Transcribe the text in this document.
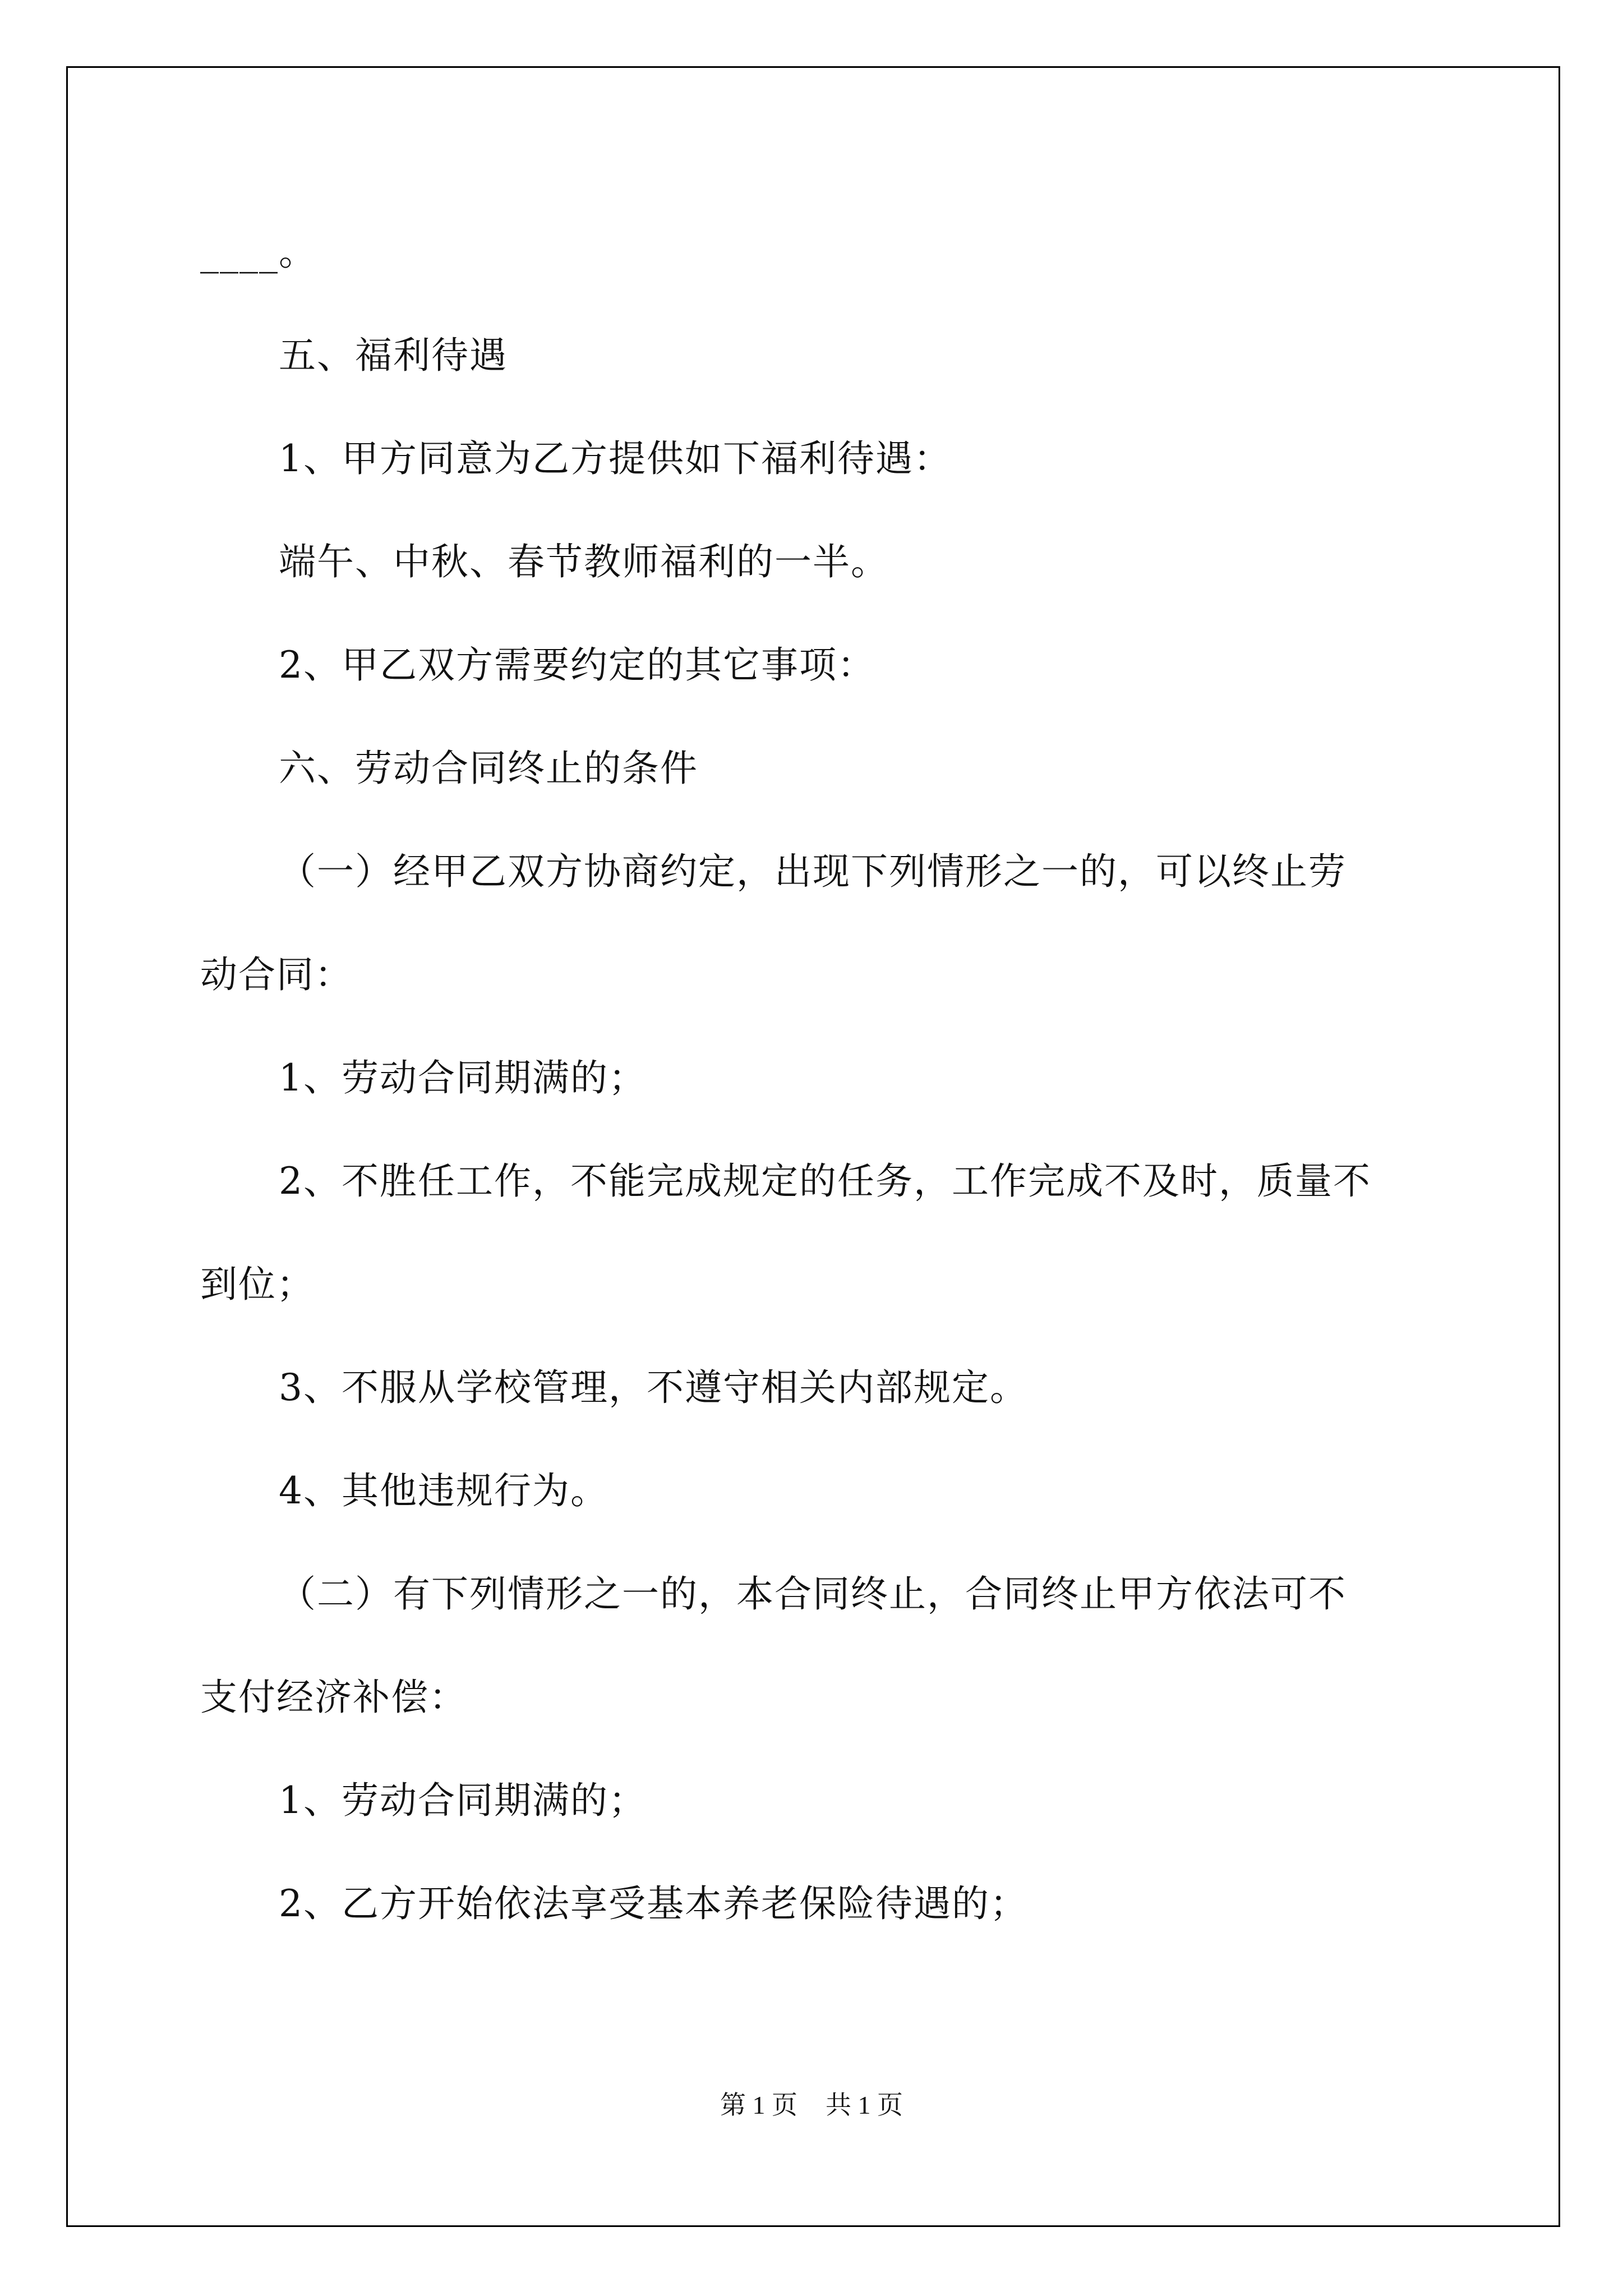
____。

五、福利待遇

1、甲方同意为乙方提供如下福利待遇：

端午、中秋、春节教师福利的一半。

2、甲乙双方需要约定的其它事项：

六、劳动合同终止的条件

（一）经甲乙双方协商约定，出现下列情形之一的，可以终止劳

动合同：

1、劳动合同期满的；

2、不胜任工作，不能完成规定的任务，工作完成不及时，质量不

到位；

3、不服从学校管理，不遵守相关内部规定。

4、其他违规行为。

（二）有下列情形之一的，本合同终止，合同终止甲方依法可不

支付经济补偿：

1、劳动合同期满的；

2、乙方开始依法享受基本养老保险待遇的；

第 1 页 共 1 页
